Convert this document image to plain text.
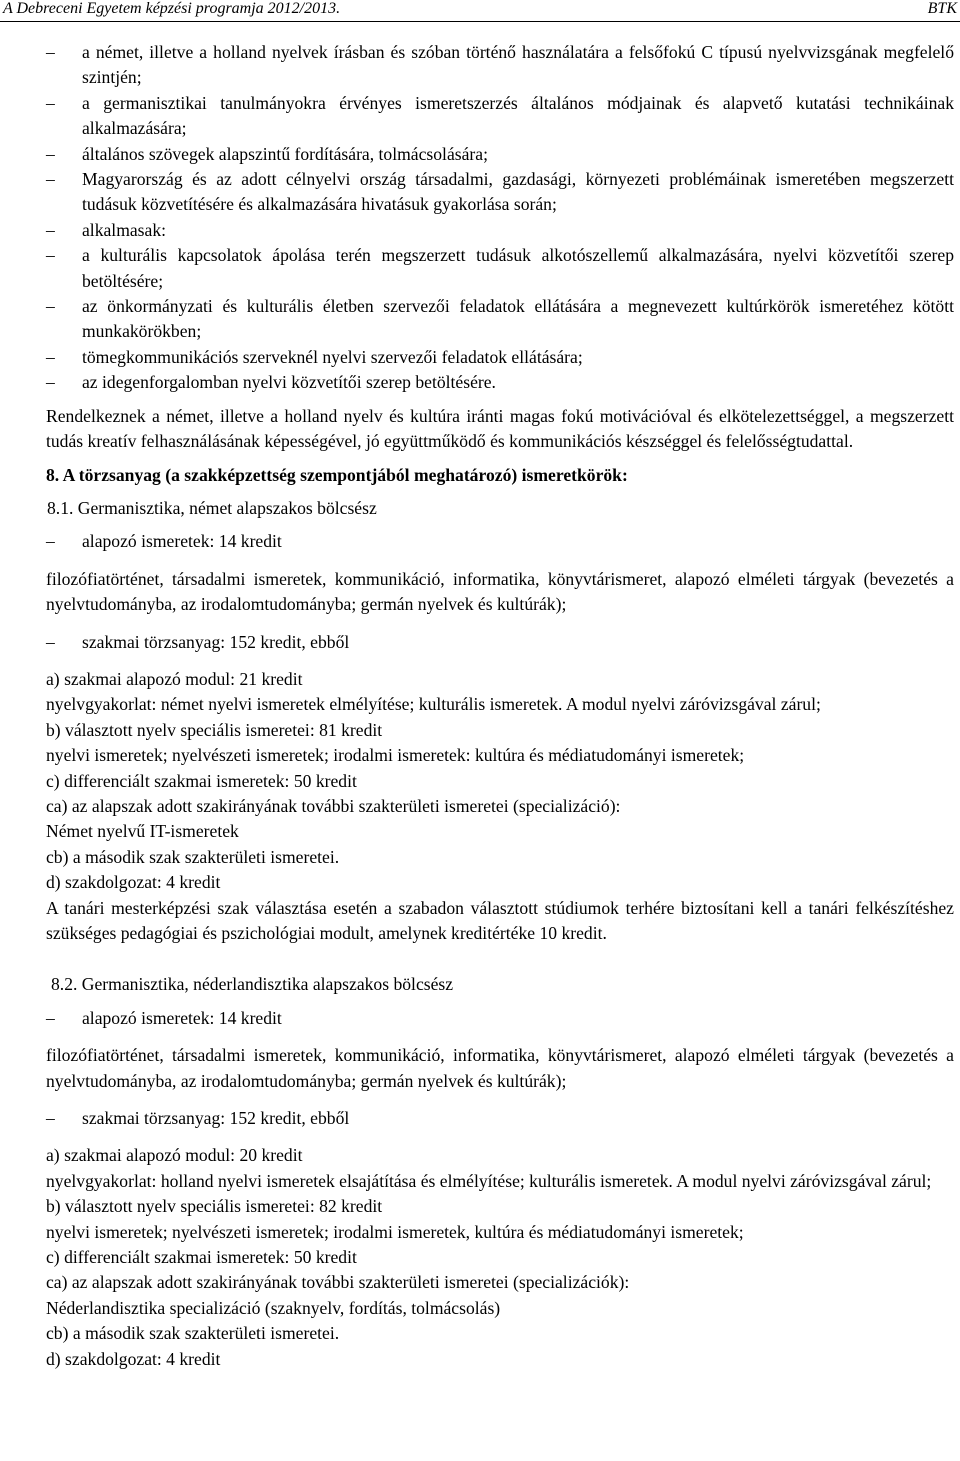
A Debreceni Egyetem képzési programja 2012/2013.	BTK
–	a német, illetve a holland nyelvek írásban és szóban történő használatára a felsőfokú C típusú nyelvvizsgának megfelelő szintjén;
–	a germanisztikai tanulmányokra érvényes ismeretszerzés általános módjainak és alapvető kutatási technikáinak alkalmazására;
–	általános szövegek alapszintű fordítására, tolmácsolására;
–	Magyarország és az adott célnyelvi ország társadalmi, gazdasági, környezeti problémáinak ismeretében megszerzett tudásuk közvetítésére és alkalmazására hivatásuk gyakorlása során;
–	alkalmasak:
–	a kulturális kapcsolatok ápolása terén megszerzett tudásuk alkotószellemű alkalmazására, nyelvi közvetítői szerep betöltésére;
–	az önkormányzati és kulturális életben szervezői feladatok ellátására a megnevezett kultúrkörök ismeretéhez kötött munkakörökben;
–	tömegkommunikációs szerveknél nyelvi szervezői feladatok ellátására;
–	az idegenforgalomban nyelvi közvetítői szerep betöltésére.

Rendelkeznek a német, illetve a holland nyelv és kultúra iránti magas fokú motivációval és elkötelezettséggel, a megszerzett tudás kreatív felhasználásának képességével, jó együttműködő és kommunikációs készséggel és felelősségtudattal.

8. A törzsanyag (a szakképzettség szempontjából meghatározó) ismeretkörök:

8.1. Germanisztika, német alapszakos bölcsész

–	alapozó ismeretek: 14 kredit

filozófiatörténet, társadalmi ismeretek, kommunikáció, informatika, könyvtárismeret, alapozó elméleti tárgyak (bevezetés a nyelvtudományba, az irodalomtudományba; germán nyelvek és kultúrák);

–	szakmai törzsanyag: 152 kredit, ebből

a) szakmai alapozó modul: 21 kredit

nyelvgyakorlat: német nyelvi ismeretek elmélyítése; kulturális ismeretek. A modul nyelvi záróvizsgával zárul;

b) választott nyelv speciális ismeretei: 81 kredit

nyelvi ismeretek; nyelvészeti ismeretek; irodalmi ismeretek: kultúra és médiatudományi ismeretek;

c) differenciált szakmai ismeretek: 50 kredit

ca) az alapszak adott szakirányának további szakterületi ismeretei (specializáció):

Német nyelvű IT-ismeretek

cb) a második szak szakterületi ismeretei.

d) szakdolgozat: 4 kredit

A tanári mesterképzési szak választása esetén a szabadon választott stúdiumok terhére biztosítani kell a tanári felkészítéshez szükséges pedagógiai és pszichológiai modult, amelynek kreditértéke 10 kredit.

8.2. Germanisztika, néderlandisztika alapszakos bölcsész

–	alapozó ismeretek: 14 kredit

filozófiatörténet, társadalmi ismeretek, kommunikáció, informatika, könyvtárismeret, alapozó elméleti tárgyak (bevezetés a nyelvtudományba, az irodalomtudományba; germán nyelvek és kultúrák);

–	szakmai törzsanyag: 152 kredit, ebből

a) szakmai alapozó modul: 20 kredit

nyelvgyakorlat: holland nyelvi ismeretek elsajátítása és elmélyítése; kulturális ismeretek. A modul nyelvi záróvizsgával zárul;

b) választott nyelv speciális ismeretei: 82 kredit

nyelvi ismeretek; nyelvészeti ismeretek; irodalmi ismeretek, kultúra és médiatudományi ismeretek;

c) differenciált szakmai ismeretek: 50 kredit

ca) az alapszak adott szakirányának további szakterületi ismeretei (specializációk):

Néderlandisztika specializáció (szaknyelv, fordítás, tolmácsolás)

cb) a második szak szakterületi ismeretei.

d) szakdolgozat: 4 kredit
